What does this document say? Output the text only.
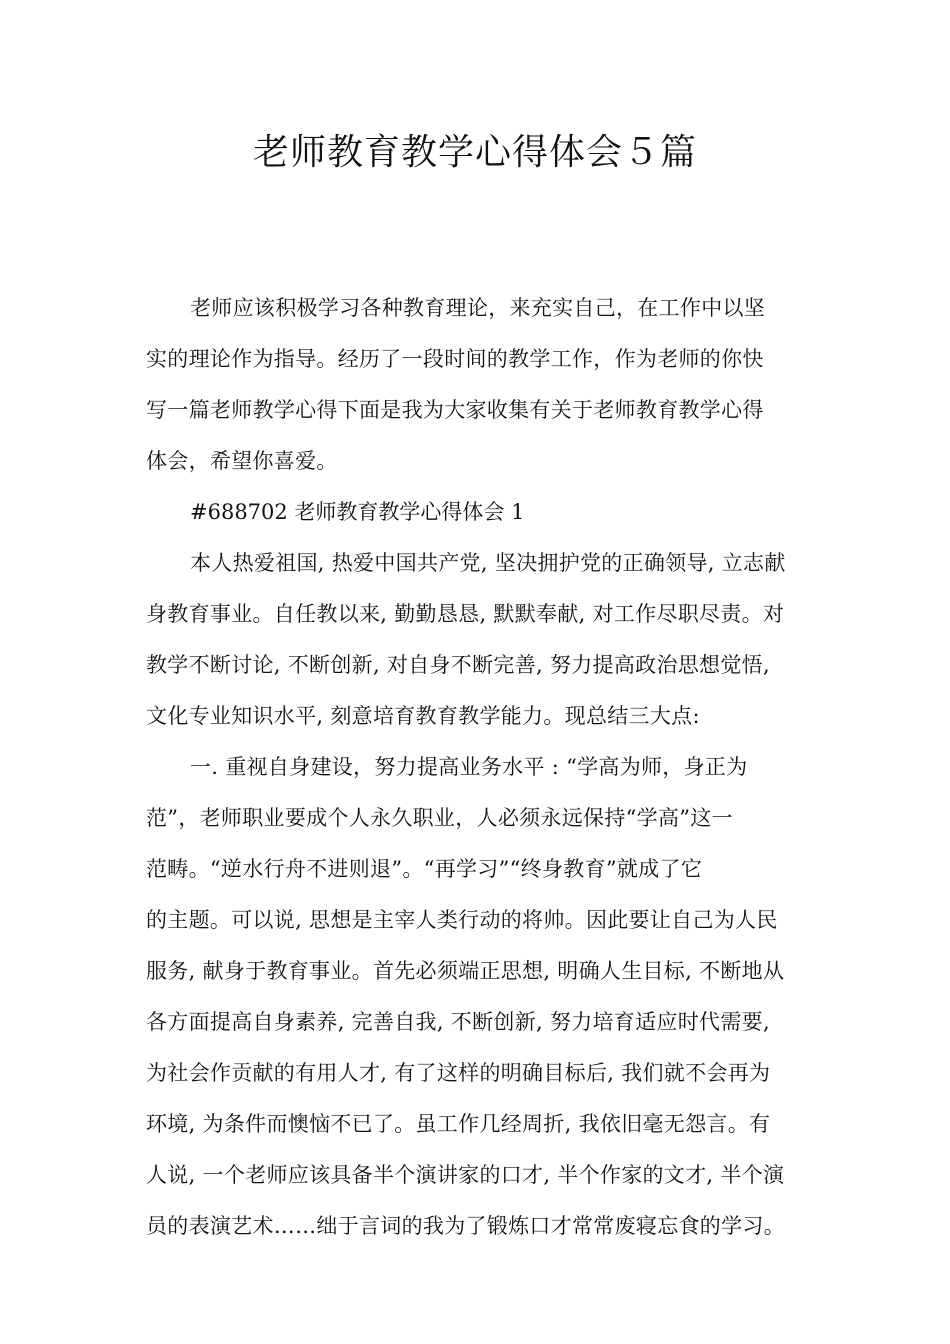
老师教育教学心得体会５篇

老师应该积极学习各种教育理论，来充实自己，在工作中以坚
实的理论作为指导。经历了一段时间的教学工作，作为老师的你快
写一篇老师教学心得下面是我为大家收集有关于老师教育教学心得
体会，希望你喜爱。

#688702 老师教育教学心得体会 1

本人热爱祖国, 热爱中国共产党, 坚决拥护党的正确领导, 立志献
身教育事业。自任教以来, 勤勤恳恳, 默默奉献, 对工作尽职尽责。对
教学不断讨论, 不断创新, 对自身不断完善, 努力提高政治思想觉悟,
文化专业知识水平, 刻意培育教育教学能力。现总结三大点:

一. 重视自身建设，努力提高业务水平 : “学高为师，身正为
范”，老师职业要成个人永久职业，人必须永远保持“学高”这一
范畴。“逆水行舟不进则退”。“再学习”“终身教育”就成了它
的主题。可以说, 思想是主宰人类行动的将帅。因此要让自己为人民
服务, 献身于教育事业。首先必须端正思想, 明确人生目标, 不断地从
各方面提高自身素养, 完善自我, 不断创新, 努力培育适应时代需要,
为社会作贡献的有用人才, 有了这样的明确目标后, 我们就不会再为
环境, 为条件而懊恼不已了。虽工作几经周折, 我依旧毫无怨言。有
人说, 一个老师应该具备半个演讲家的口才, 半个作家的文才, 半个演
员的表演艺术……绌于言词的我为了锻炼口才常常废寝忘食的学习。
